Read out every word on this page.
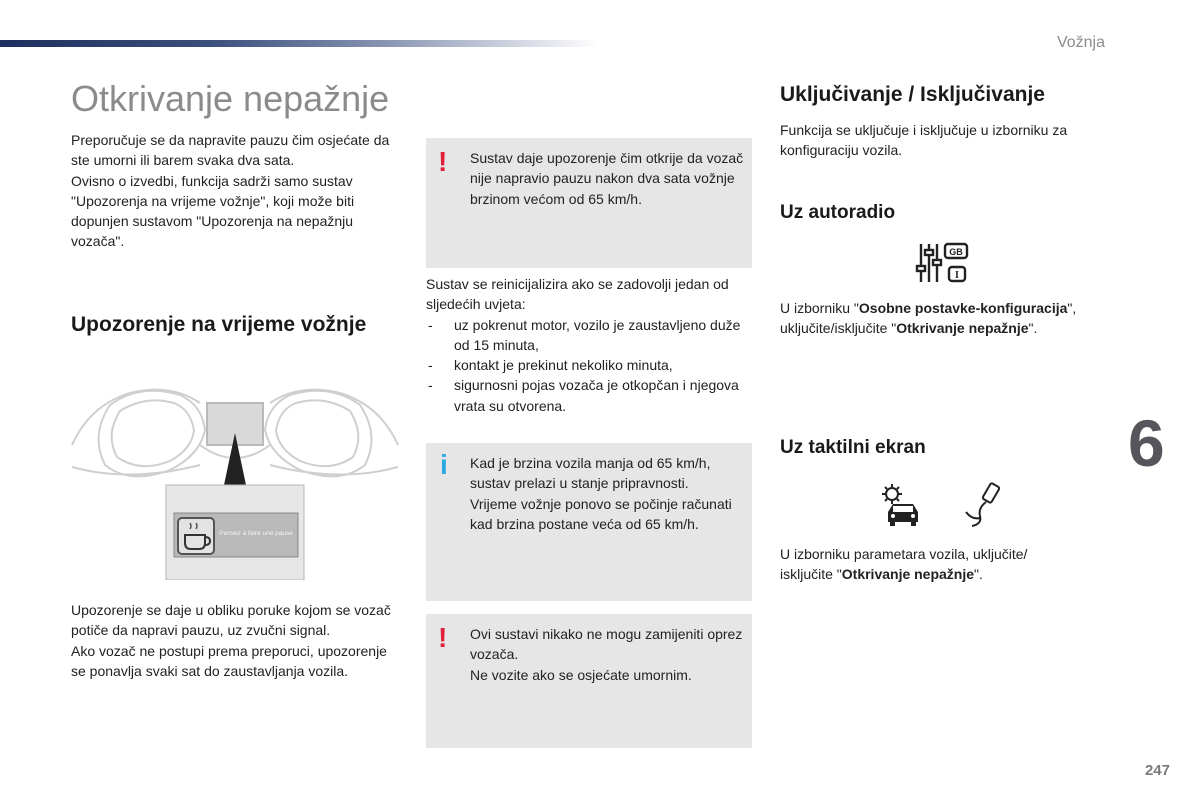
Vožnja
6
247
Otkrivanje nepažnje

Preporučuje se da napravite pauzu čim osjećate da ste umorni ili barem svaka dva sata.

Ovisno o izvedbi, funkcija sadrži samo sustav "Upozorenja na vrijeme vožnje", koji može biti dopunjen sustavom "Upozorenja na nepažnju vozača".

Upozorenje na vrijeme vožnje
Pensez à faire une pause

Upozorenje se daje u obliku poruke kojom se vozač potiče da napravi pauzu, uz zvučni signal.

Ako vozač ne postupi prema preporuci, upozorenje se ponavlja svaki sat do zaustavljanja vozila.

! Sustav daje upozorenje čim otkrije da vozač nije napravio pauzu nakon dva sata vožnje brzinom većom od 65 km/h.

Sustav se reinicijalizira ako se zadovolji jedan od sljedećih uvjeta:

- uz pokrenut motor, vozilo je zaustavljeno duže od 15 minuta,
- kontakt je prekinut nekoliko minuta,
- sigurnosni pojas vozača je otkopčan i njegova vrata su otvorena.
i Kad je brzina vozila manja od 65 km/h, sustav prelazi u stanje pripravnosti.

Vrijeme vožnje ponovo se počinje računati kad brzina postane veća od 65 km/h.

! Ovi sustavi nikako ne mogu zamijeniti oprez vozača.

Ne vozite ako se osjećate umornim.

Uključivanje / Isključivanje
Funkcija se uključuje i isključuje u izborniku za konfiguraciju vozila.
Uz autoradio
GB
I
U izborniku "Osobne postavke-konfiguracija", uključite/isključite "Otkrivanje nepažnje".
Uz taktilni ekran
U izborniku parametara vozila, uključite/ isključite "Otkrivanje nepažnje".
